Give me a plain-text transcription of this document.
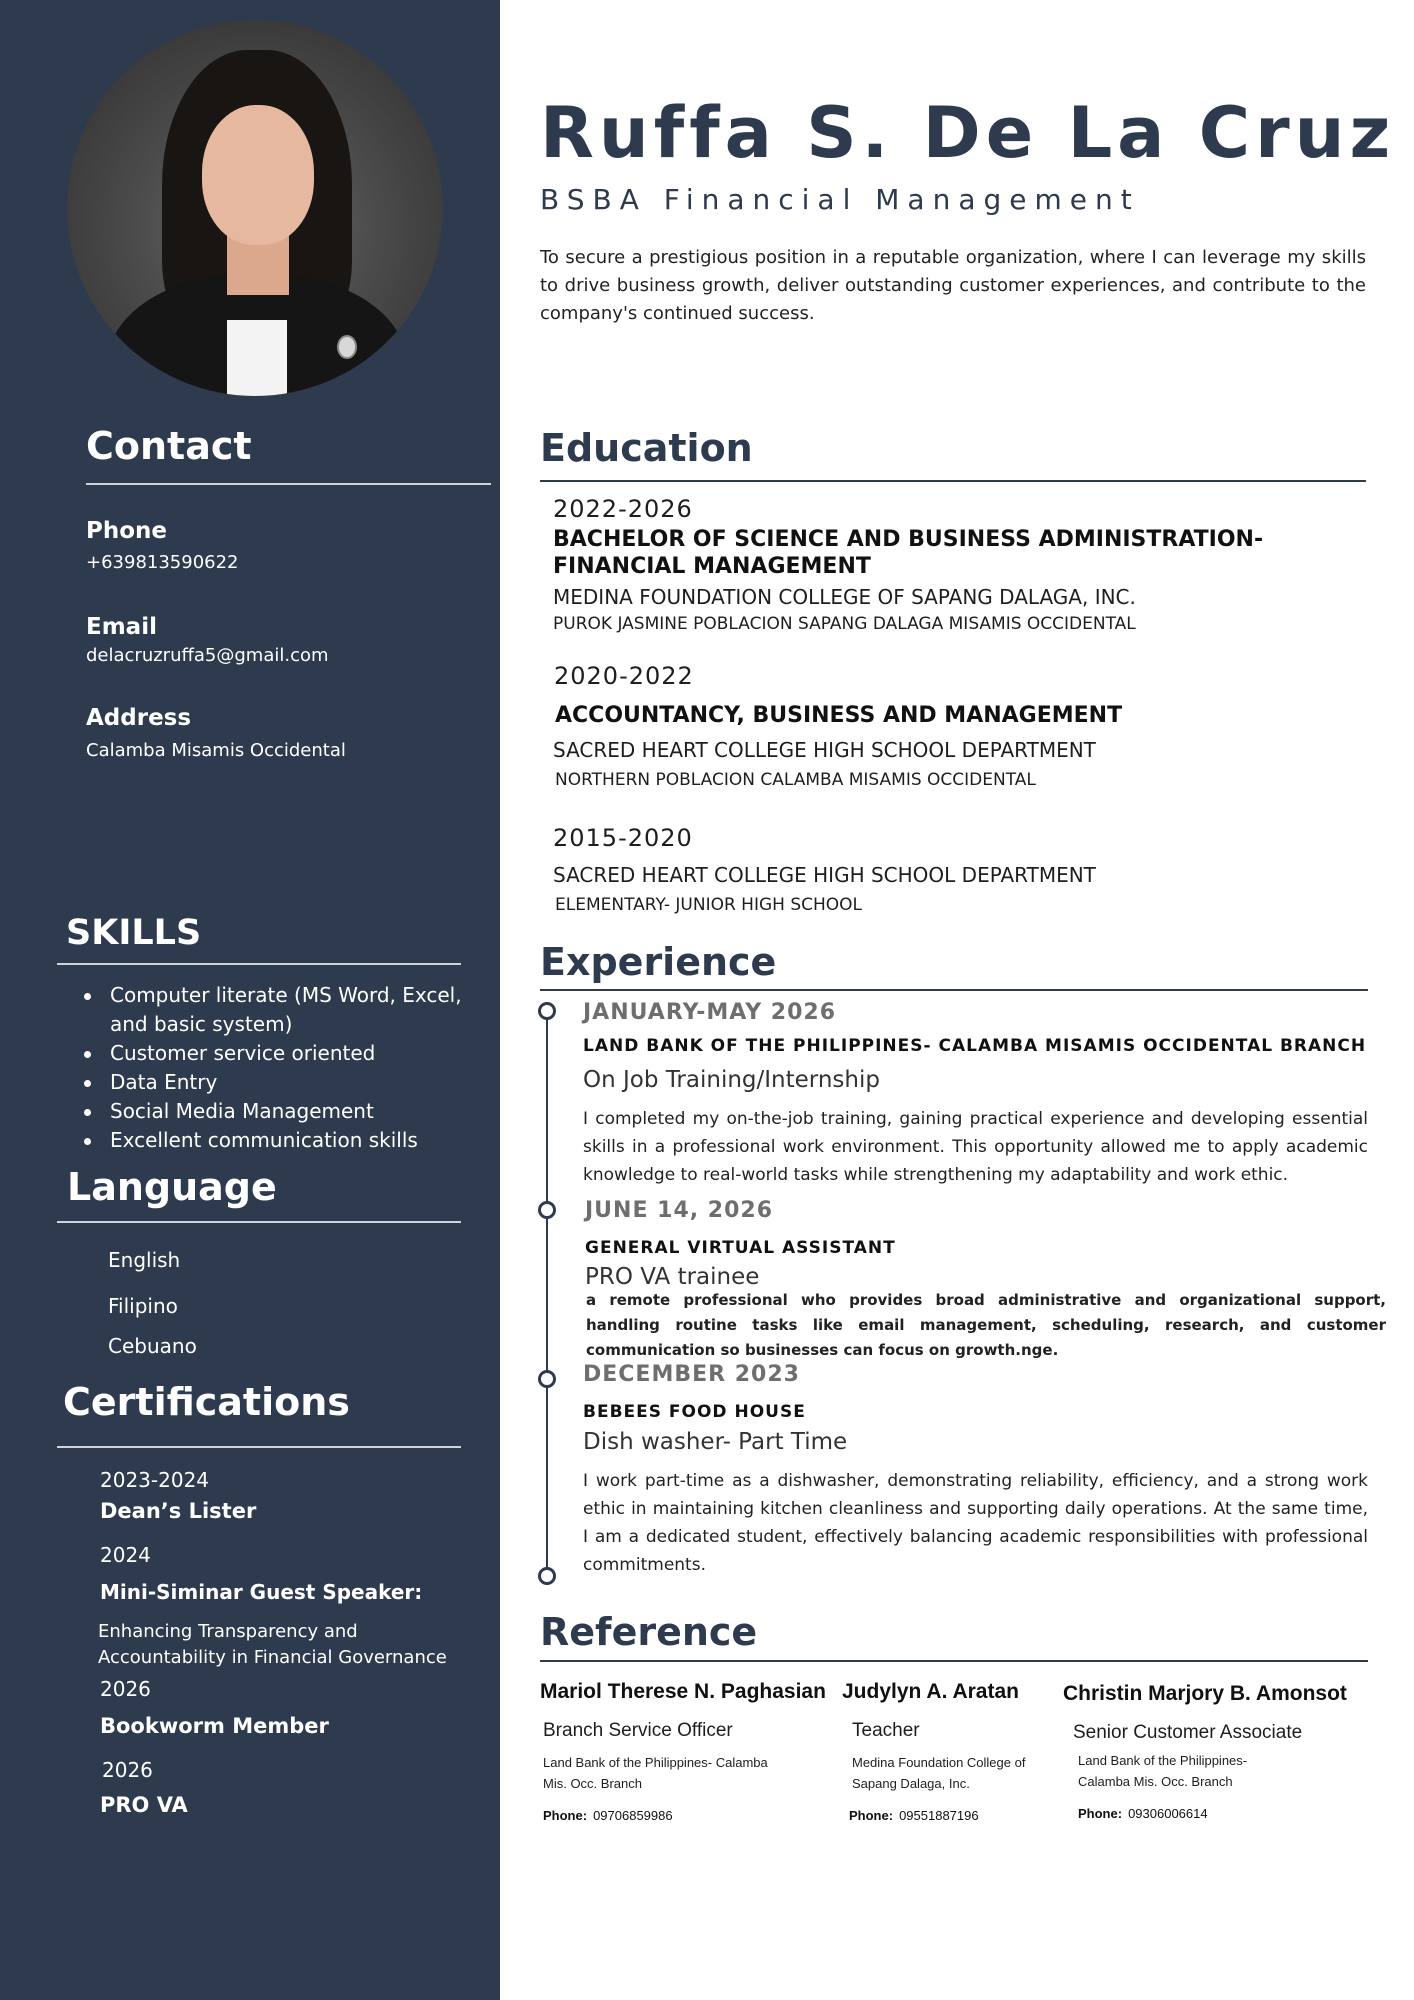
Contact
Phone
+639813590622
Email
delacruzruffa5@gmail.com
Address
Calamba Misamis Occidental
SKILLS
Computer literate (MS Word, Excel, and basic system)
Customer service oriented
Data Entry
Social Media Management
Excellent communication skills
Language
English
Filipino
Cebuano
Certifications
2023-2024
Dean’s Lister
2024
Mini-Siminar Guest Speaker:
Enhancing Transparency and Accountability in Financial Governance
2026
Bookworm Member
2026
PRO VA
Ruffa S. De La Cruz
BSBA Financial Management
To secure a prestigious position in a reputable organization, where I can leverage my skills to drive business growth, deliver outstanding customer experiences, and contribute to the company's continued success.
Education
2022-2026
BACHELOR OF SCIENCE AND BUSINESS ADMINISTRATION- FINANCIAL MANAGEMENT
MEDINA FOUNDATION COLLEGE OF SAPANG DALAGA, INC.
PUROK JASMINE POBLACION SAPANG DALAGA MISAMIS OCCIDENTAL
2020-2022
ACCOUNTANCY, BUSINESS AND MANAGEMENT
SACRED HEART COLLEGE HIGH SCHOOL DEPARTMENT
NORTHERN POBLACION CALAMBA MISAMIS OCCIDENTAL
2015-2020
SACRED HEART COLLEGE HIGH SCHOOL DEPARTMENT
ELEMENTARY- JUNIOR HIGH SCHOOL
Experience
JANUARY-MAY 2026
LAND BANK OF THE PHILIPPINES- CALAMBA MISAMIS OCCIDENTAL BRANCH
On Job Training/Internship
I completed my on-the-job training, gaining practical experience and developing essential skills in a professional work environment. This opportunity allowed me to apply academic knowledge to real-world tasks while strengthening my adaptability and work ethic.
JUNE 14, 2026
GENERAL VIRTUAL ASSISTANT
PRO VA trainee
a remote professional who provides broad administrative and organizational support, handling routine tasks like email management, scheduling, research, and customer communication so businesses can focus on growth.nge.
DECEMBER 2023
BEBEES FOOD HOUSE
Dish washer- Part Time
I work part-time as a dishwasher, demonstrating reliability, efficiency, and a strong work ethic in maintaining kitchen cleanliness and supporting daily operations. At the same time, I am a dedicated student, effectively balancing academic responsibilities with professional commitments.
Reference
Mariol Therese N. Paghasian
Branch Service Officer
Land Bank of the Philippines- Calamba Mis. Occ. Branch
Phone: 09706859986
Judylyn A. Aratan
Teacher
Medina Foundation College of Sapang Dalaga, Inc.
Phone: 09551887196
Christin Marjory B. Amonsot
Senior Customer Associate
Land Bank of the Philippines- Calamba Mis. Occ. Branch
Phone: 09306006614
